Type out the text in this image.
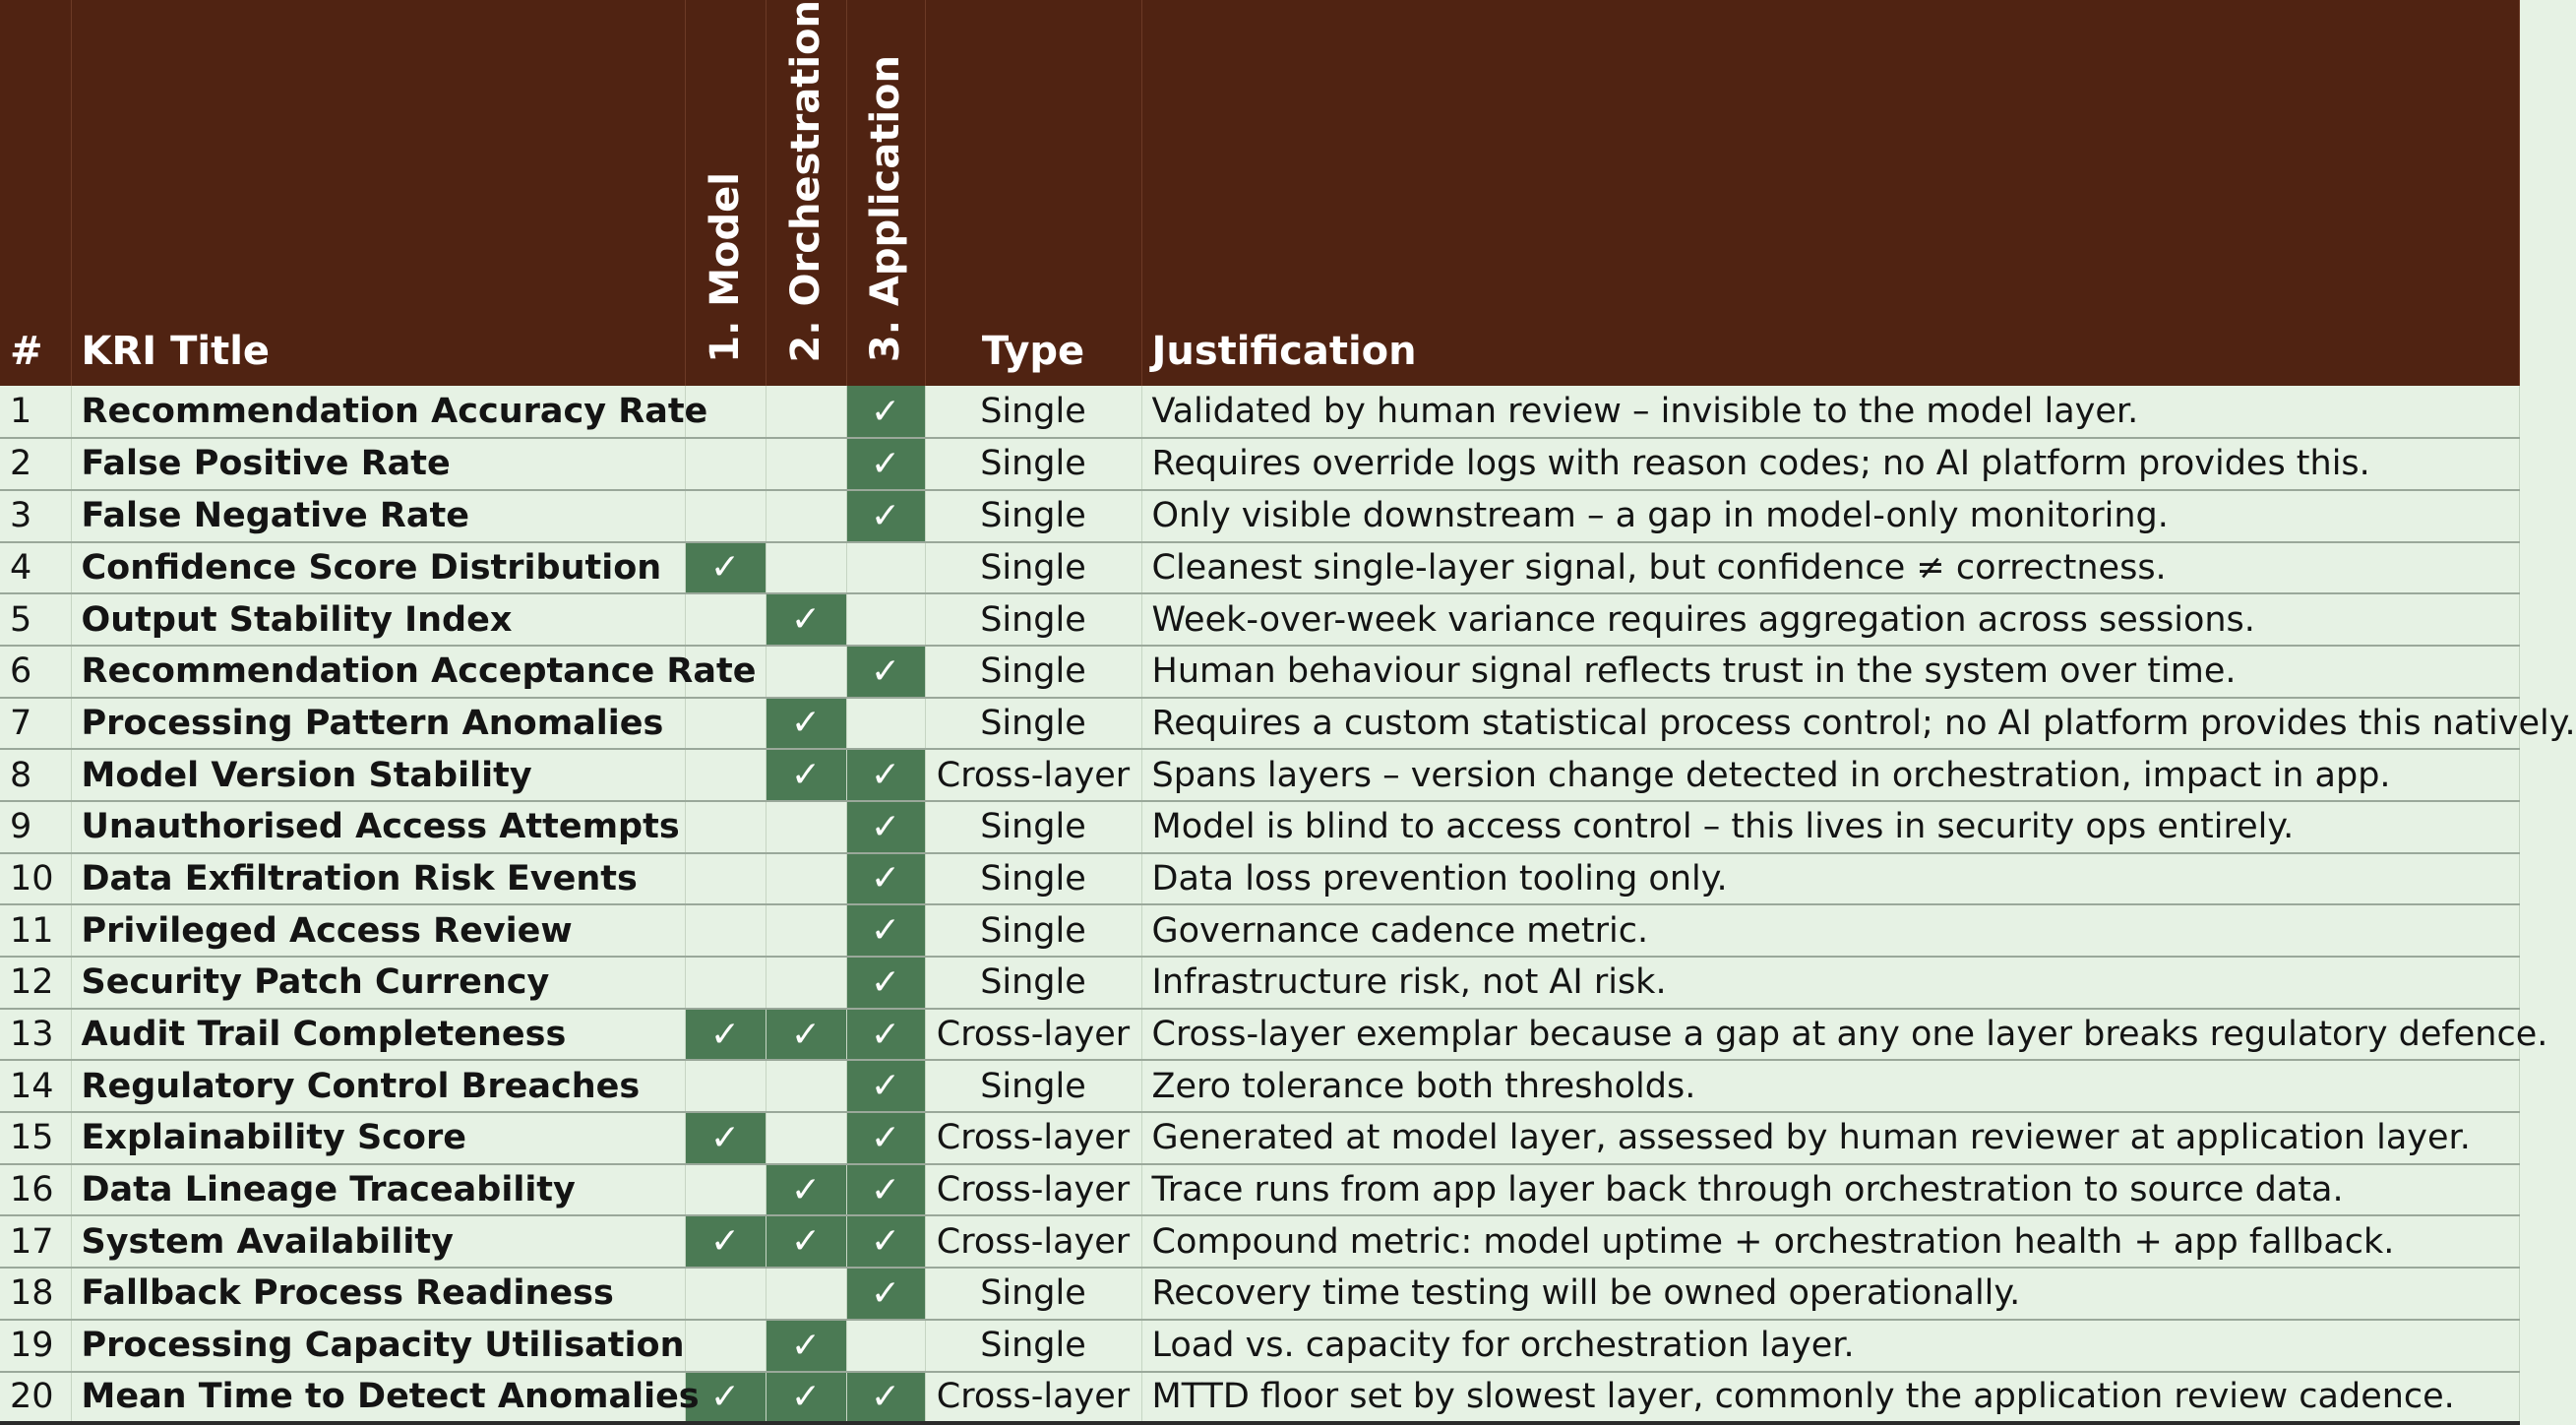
#	KRI Title	1. Model	2. Orchestration	3. Application	Type	Justification
1	Recommendation Accuracy Rate			✓	Single	Validated by human review – invisible to the model layer.
2	False Positive Rate			✓	Single	Requires override logs with reason codes; no AI platform provides this.
3	False Negative Rate			✓	Single	Only visible downstream – a gap in model-only monitoring.
4	Confidence Score Distribution	✓			Single	Cleanest single-layer signal, but confidence ≠ correctness.
5	Output Stability Index		✓		Single	Week-over-week variance requires aggregation across sessions.
6	Recommendation Acceptance Rate			✓	Single	Human behaviour signal reflects trust in the system over time.
7	Processing Pattern Anomalies		✓		Single	Requires a custom statistical process control; no AI platform provides this natively.
8	Model Version Stability		✓	✓	Cross-layer	Spans layers – version change detected in orchestration, impact in app.
9	Unauthorised Access Attempts			✓	Single	Model is blind to access control – this lives in security ops entirely.
10	Data Exfiltration Risk Events			✓	Single	Data loss prevention tooling only.
11	Privileged Access Review			✓	Single	Governance cadence metric.
12	Security Patch Currency			✓	Single	Infrastructure risk, not AI risk.
13	Audit Trail Completeness	✓	✓	✓	Cross-layer	Cross-layer exemplar because a gap at any one layer breaks regulatory defence.
14	Regulatory Control Breaches			✓	Single	Zero tolerance both thresholds.
15	Explainability Score	✓		✓	Cross-layer	Generated at model layer, assessed by human reviewer at application layer.
16	Data Lineage Traceability		✓	✓	Cross-layer	Trace runs from app layer back through orchestration to source data.
17	System Availability	✓	✓	✓	Cross-layer	Compound metric: model uptime + orchestration health + app fallback.
18	Fallback Process Readiness			✓	Single	Recovery time testing will be owned operationally.
19	Processing Capacity Utilisation		✓		Single	Load vs. capacity for orchestration layer.
20	Mean Time to Detect Anomalies	✓	✓	✓	Cross-layer	MTTD floor set by slowest layer, commonly the application review cadence.
